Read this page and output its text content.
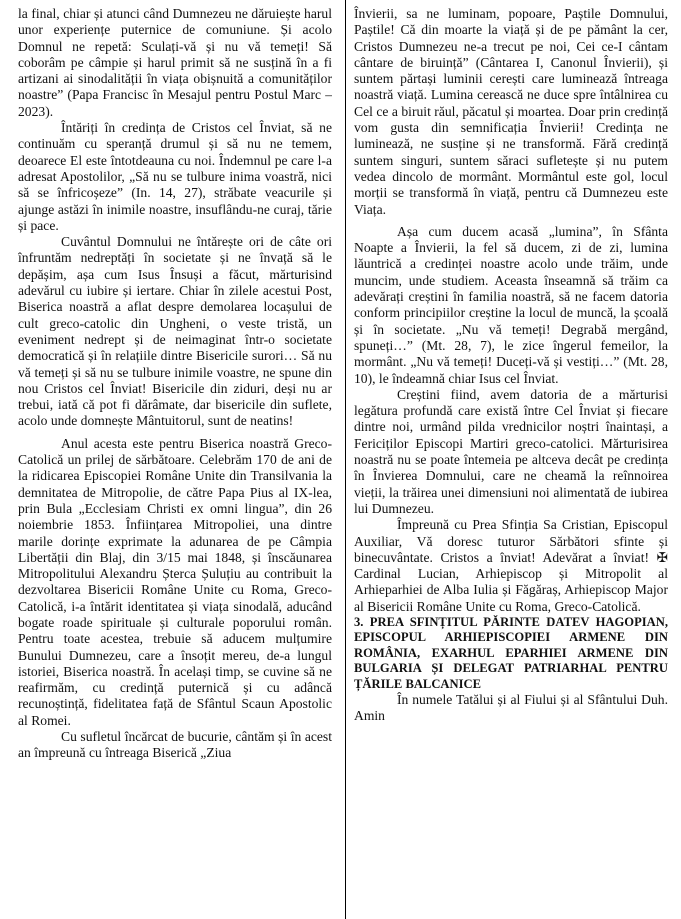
la final, chiar și atunci când Dumnezeu ne dăruiește harul unor experiențe puternice de comuniune. Și acolo Domnul ne repetă: Sculați-vă și nu vă temeți! Să coborâm pe câmpie și harul primit să ne susțină în a fi artizani ai sinodalității în viața obișnuită a comunităților noastre” (Papa Francisc în Mesajul pentru Postul Marc – 2023).

Întăriți în credința de Cristos cel Înviat, să ne continuăm cu speranță drumul și să nu ne temem, deoarece El este întotdeauna cu noi. Îndemnul pe care l-a adresat Apostolilor, „Să nu se tulbure inima voastră, nici să se înfricoșeze” (In. 14, 27), străbate veacurile și ajunge astăzi în inimile noastre, insuflându-ne curaj, tărie și pace.

Cuvântul Domnului ne întărește ori de câte ori înfruntăm nedreptăți în societate și ne învață să le depășim, așa cum Isus Însuși a făcut, mărturisind adevărul cu iubire și iertare. Chiar în zilele acestui Post, Biserica noastră a aflat despre demolarea locașului de cult greco-catolic din Ungheni, o veste tristă, un eveniment nedrept și de neimaginat într-o societate democratică și în relațiile dintre Bisericile surori… Să nu vă temeți și să nu se tulbure inimile voastre, ne spune din nou Cristos cel Înviat! Bisericile din ziduri, deși nu ar trebui, iată că pot fi dărâmate, dar bisericile din suflete, acolo unde domnește Mântuitorul, sunt de neatins!

Anul acesta este pentru Biserica noastră Greco-Catolică un prilej de sărbătoare. Celebrăm 170 de ani de la ridicarea Episcopiei Române Unite din Transilvania la demnitatea de Mitropolie, de către Papa Pius al IX-lea, prin Bula „Ecclesiam Christi ex omni lingua”, din 26 noiembrie 1853. Înființarea Mitropoliei, una dintre marile dorințe exprimate la adunarea de pe Câmpia Libertății din Blaj, din 3/15 mai 1848, și înscăunarea Mitropolitului Alexandru Șterca Șuluțiu au contribuit la dezvoltarea Bisericii Române Unite cu Roma, Greco-Catolică, i-a întărit identitatea și viața sinodală, aducând bogate roade spirituale și culturale poporului român. Pentru toate acestea, trebuie să aducem mulțumire Bunului Dumnezeu, care a însoțit mereu, de-a lungul istoriei, Biserica noastră. În același timp, se cuvine să ne reafirmăm, cu credință puternică și cu adâncă recunoștință, fidelitatea față de Sfântul Scaun Apostolic al Romei.

Cu sufletul încărcat de bucurie, cântăm și în acest an împreună cu întreaga Biserică „Ziua

Învierii, sa ne luminam, popoare, Paștile Domnului, Paștile! Că din moarte la viață și de pe pământ la cer, Cristos Dumnezeu ne-a trecut pe noi, Cei ce-I cântam cântare de biruință” (Cântarea I, Canonul Învierii), și suntem părtași luminii cerești care luminează întreaga noastră viață. Lumina cerească ne duce spre întâlnirea cu Cel ce a biruit răul, păcatul și moartea. Doar prin credință vom gusta din semnificația Învierii! Credința ne luminează, ne susține și ne transformă. Fără credință suntem singuri, suntem săraci sufletește și nu putem vedea dincolo de mormânt. Mormântul este gol, locul morții se transformă în viață, pentru că Dumnezeu este Viața.

Așa cum ducem acasă „lumina”, în Sfânta Noapte a Învierii, la fel să ducem, zi de zi, lumina lăuntrică a credinței noastre acolo unde trăim, unde muncim, unde studiem. Aceasta înseamnă să trăim ca adevărați creștini în familia noastră, să ne facem datoria conform principiilor creștine la locul de muncă, la școală și în societate. „Nu vă temeți! Degrabă mergând, spuneți…” (Mt. 28, 7), le zice îngerul femeilor, la mormânt. „Nu vă temeți! Duceți-vă și vestiți…” (Mt. 28, 10), le îndeamnă chiar Isus cel Înviat.

Creștini fiind, avem datoria de a mărturisi legătura profundă care există între Cel Înviat și fiecare dintre noi, urmând pilda vrednicilor noștri înaintași, a Fericiților Episcopi Martiri greco-catolici. Mărturisirea noastră nu se poate întemeia pe altceva decât pe credința în Învierea Domnului, care ne cheamă la reînnoirea vieții, la trăirea unei dimensiuni noi alimentată de iubirea lui Dumnezeu.

Împreună cu Prea Sfinția Sa Cristian, Episcopul Auxiliar, Vă doresc tuturor Sărbători sfinte și binecuvântate. Cristos a înviat! Adevărat a înviat! ✠ Cardinal Lucian, Arhiepiscop și Mitropolit al Arhieparhiei de Alba Iulia și Făgăraș, Arhiepiscop Major al Bisericii Române Unite cu Roma, Greco-Catolică.

3. PREA SFINȚITUL PĂRINTE DATEV HAGOPIAN, EPISCOPUL ARHIEPISCOPIEI ARMENE DIN ROMÂNIA, EXARHUL EPARHIEI ARMENE DIN BULGARIA ȘI DELEGAT PATRIARHAL PENTRU ȚĂRILE BALCANICE

În numele Tatălui și al Fiului și al Sfântului Duh. Amin
